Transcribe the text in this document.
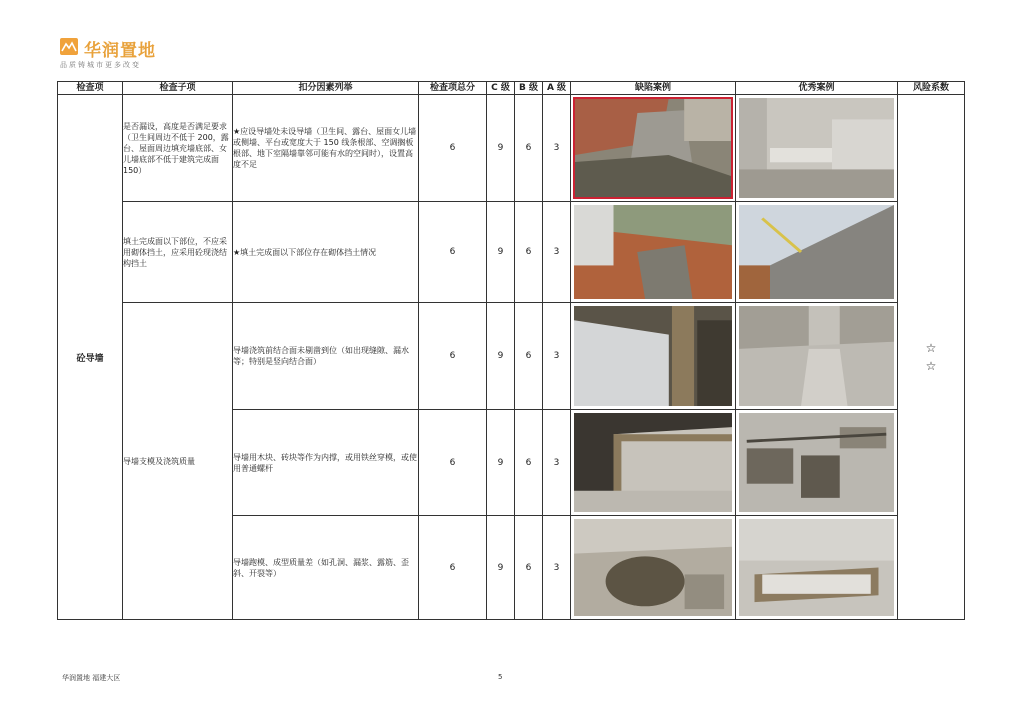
华润置地
品质铸城市更多改变
检查项	检查子项	扣分因素列举	检查项总分	C 级	B 级	A 级	缺陷案例	优秀案例	风险系数
砼导墙	是否漏设，高度是否满足要求（卫生间周边不低于 200，露台、屋面周边填充墙底部、女儿墙底部不低于建筑完成面 150）	★应设导墙处未设导墙（卫生间、露台、屋面女儿墙或侧墙、平台或宽度大于 150 线条根部、空调搁板根部、地下室隔墙靠邻可能有水的空间时），设置高度不足	6	9	6	3			☆
☆

	填土完成面以下部位，不应采用砌体挡土，应采用砼现浇结构挡土	★填土完成面以下部位存在砌体挡土情况	6	9	6	3	

	导墙支模及浇筑质量	导墙浇筑前结合面未剔凿到位（如出现缝隙、漏水等；特别是竖向结合面）	6	9	6	3	

		导墙用木块、砖块等作为内撑，或用铁丝穿模，或使用普通螺杆	6	9	6	3	

		导墙跑模、成型质量差（如孔洞、漏浆、露筋、歪斜、开裂等）	6	9	6	3	

华润置地 福建大区	5
